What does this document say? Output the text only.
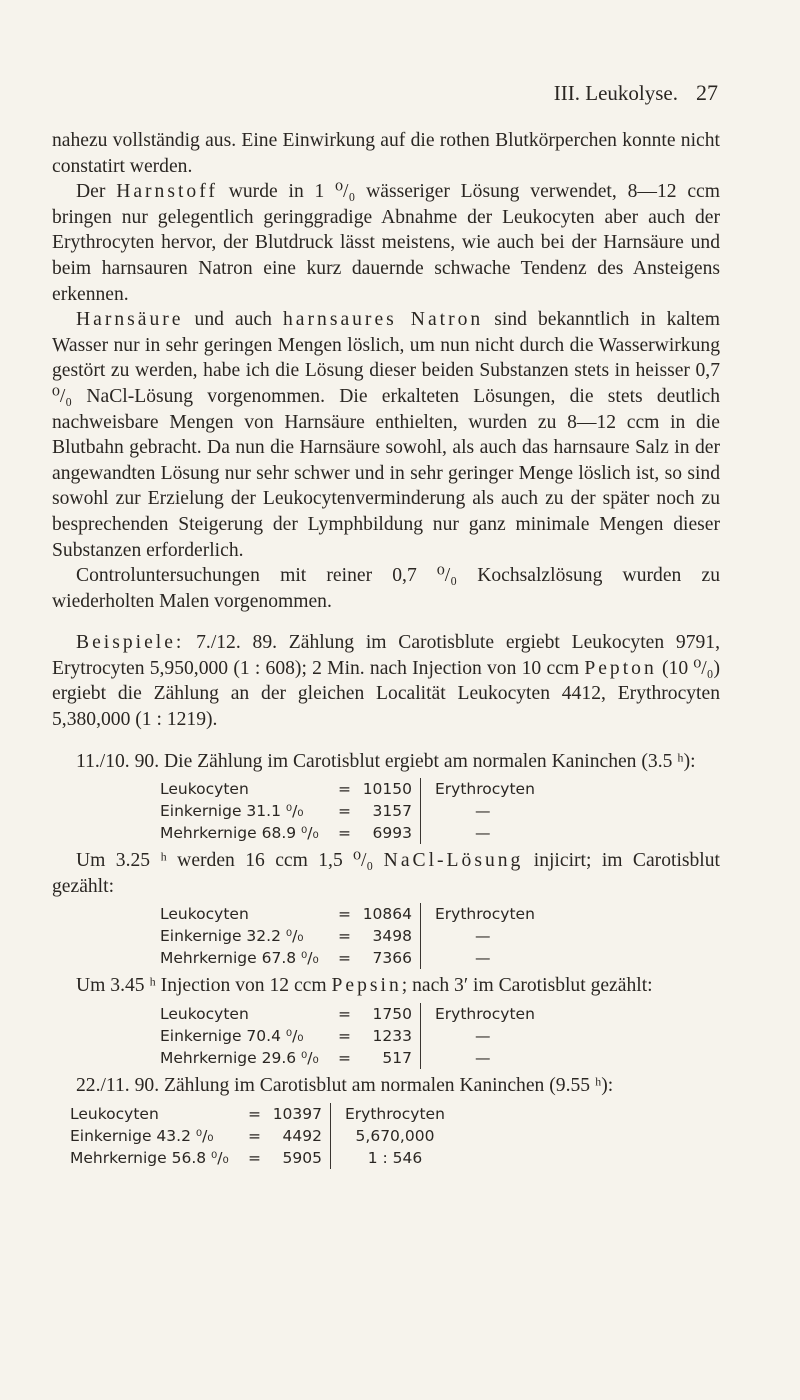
III. Leukolyse. 27

nahezu vollständig aus. Eine Einwirkung auf die rothen Blutkörperchen konnte nicht constatirt werden.

Der Harnstoff wurde in 1 ⁰/₀ wässeriger Lösung verwendet, 8—12 ccm bringen nur gelegentlich geringgradige Abnahme der Leukocyten aber auch der Erythrocyten hervor, der Blutdruck lässt meistens, wie auch bei der Harnsäure und beim harnsauren Natron eine kurz dauernde schwache Tendenz des Ansteigens erkennen.

Harnsäure und auch harnsaures Natron sind bekanntlich in kaltem Wasser nur in sehr geringen Mengen löslich, um nun nicht durch die Wasserwirkung gestört zu werden, habe ich die Lösung dieser beiden Substanzen stets in heisser 0,7 ⁰/₀ NaCl-Lösung vorgenommen. Die erkalteten Lösungen, die stets deutlich nachweisbare Mengen von Harnsäure enthielten, wurden zu 8—12 ccm in die Blutbahn gebracht. Da nun die Harnsäure sowohl, als auch das harnsaure Salz in der angewandten Lösung nur sehr schwer und in sehr geringer Menge löslich ist, so sind sowohl zur Erzielung der Leukocytenverminderung als auch zu der später noch zu besprechenden Steigerung der Lymphbildung nur ganz minimale Mengen dieser Substanzen erforderlich.

Controluntersuchungen mit reiner 0,7 ⁰/₀ Kochsalzlösung wurden zu wiederholten Malen vorgenommen.

Beispiele: 7./12. 89. Zählung im Carotisblute ergiebt Leukocyten 9791, Erytrocyten 5,950,000 (1 : 608); 2 Min. nach Injection von 10 ccm Pepton (10 ⁰/₀) ergiebt die Zählung an der gleichen Localität Leukocyten 4412, Erythrocyten 5,380,000 (1 : 1219).

11./10. 90. Die Zählung im Carotisblut ergiebt am normalen Kaninchen (3.5 ʰ):

Leukocyten
Einkernige 31.1 ⁰/₀
Mehrkernige 68.9 ⁰/₀
=
=
=
10150
3157
6993
Erythrocyten
—
—

Um 3.25 ʰ werden 16 ccm 1,5 ⁰/₀ NaCl-Lösung injicirt; im Carotisblut gezählt:

Leukocyten
Einkernige 32.2 ⁰/₀
Mehrkernige 67.8 ⁰/₀
=
=
=
10864
3498
7366
Erythrocyten
—
—

Um 3.45 ʰ Injection von 12 ccm Pepsin; nach 3′ im Carotisblut gezählt:

Leukocyten
Einkernige 70.4 ⁰/₀
Mehrkernige 29.6 ⁰/₀
=
=
=
1750
1233
517
Erythrocyten
—
—

22./11. 90. Zählung im Carotisblut am normalen Kaninchen (9.55 ʰ):

Leukocyten
Einkernige 43.2 ⁰/₀
Mehrkernige 56.8 ⁰/₀
=
=
=
10397
4492
5905
Erythrocyten
5,670,000
1 : 546
